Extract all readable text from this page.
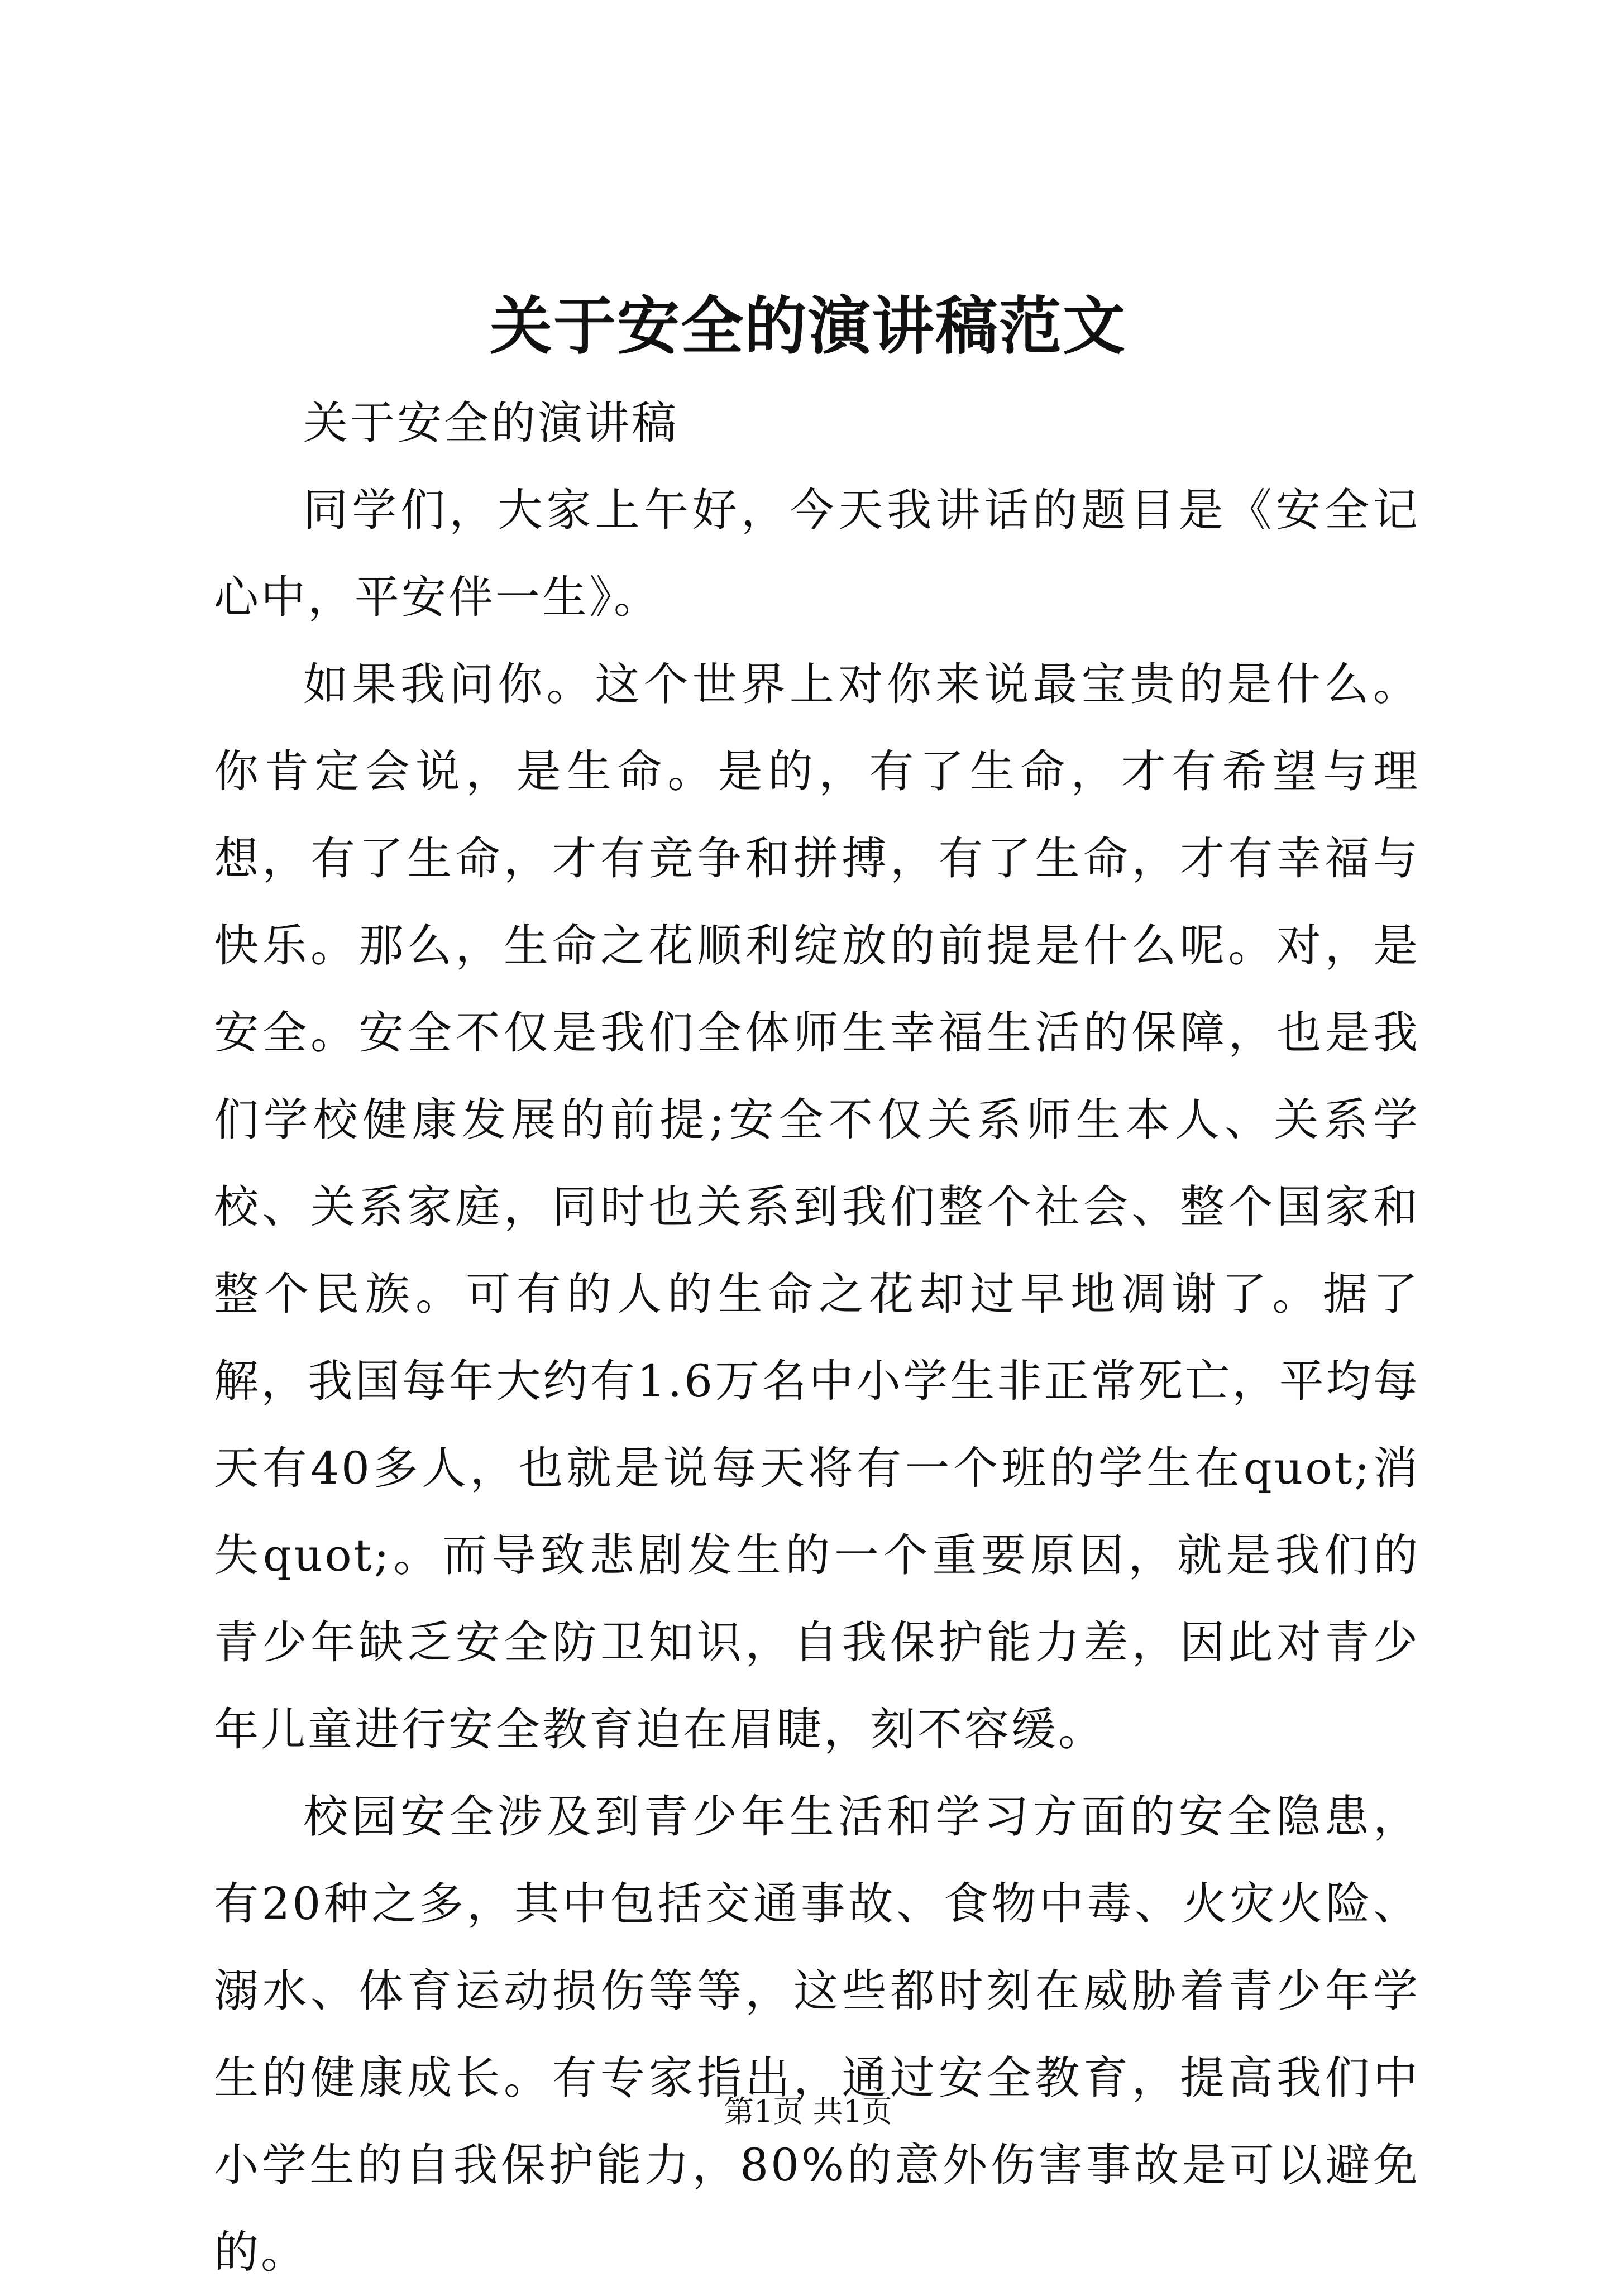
关于安全的演讲稿范文

关于安全的演讲稿

同学们，大家上午好，今天我讲话的题目是《安全记心中，平安伴一生》。

如果我问你。这个世界上对你来说最宝贵的是什么。你肯定会说，是生命。是的，有了生命，才有希望与理想，有了生命，才有竞争和拼搏，有了生命，才有幸福与快乐。那么，生命之花顺利绽放的前提是什么呢。对，是安全。安全不仅是我们全体师生幸福生活的保障，也是我们学校健康发展的前提;安全不仅关系师生本人、关系学校、关系家庭，同时也关系到我们整个社会、整个国家和整个民族。可有的人的生命之花却过早地凋谢了。据了解，我国每年大约有1.6万名中小学生非正常死亡，平均每天有40多人，也就是说每天将有一个班的学生在quot;消失quot;。而导致悲剧发生的一个重要原因，就是我们的青少年缺乏安全防卫知识，自我保护能力差，因此对青少年儿童进行安全教育迫在眉睫，刻不容缓。

校园安全涉及到青少年生活和学习方面的安全隐患，有20种之多，其中包括交通事故、食物中毒、火灾火险、溺水、体育运动损伤等等，这些都时刻在威胁着青少年学生的健康成长。有专家指出，通过安全教育，提高我们中小学生的自我保护能力，80%的意外伤害事故是可以避免的。

第1页 共1页
